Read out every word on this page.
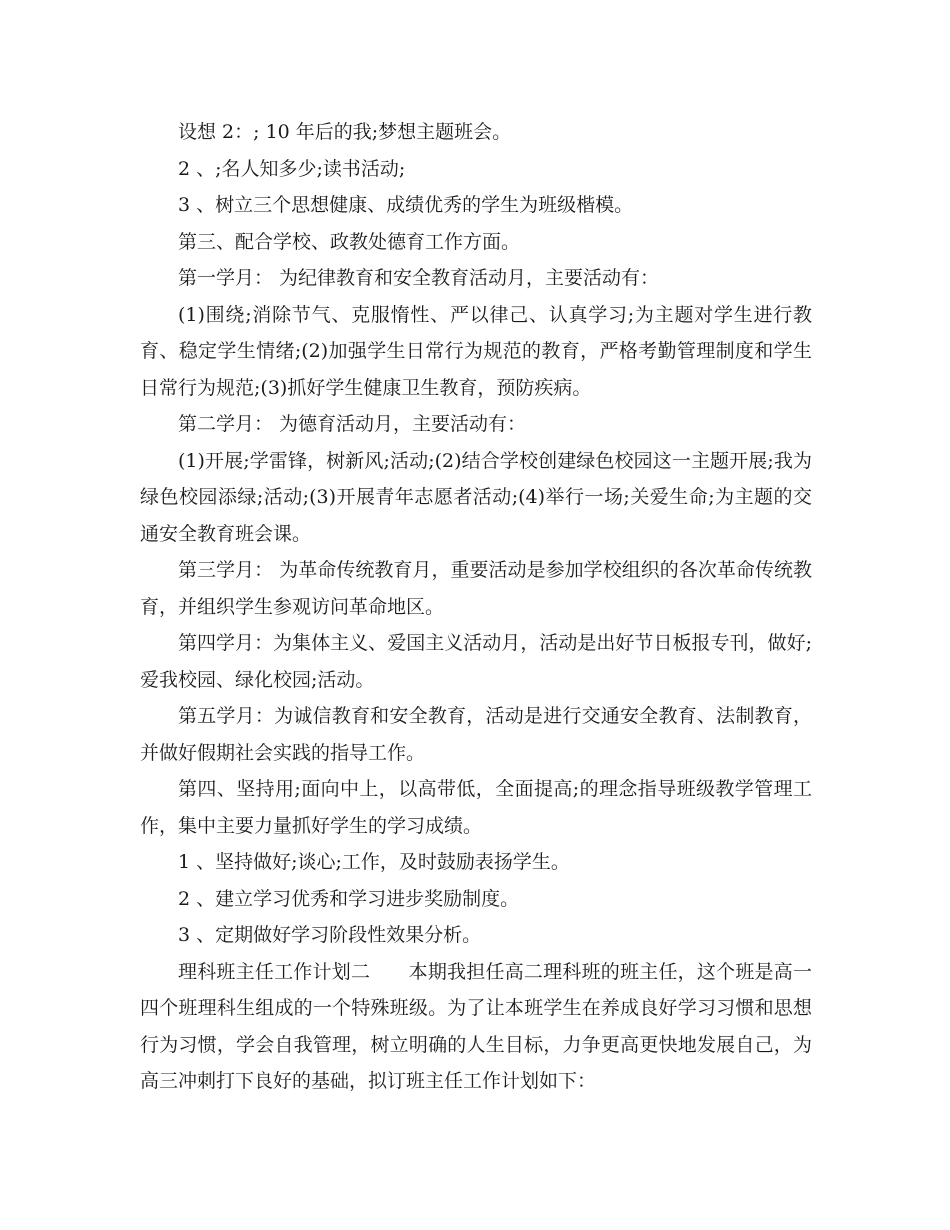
设想 2：; 10 年后的我;梦想主题班会。

2 、;名人知多少;读书活动;

3 、树立三个思想健康、成绩优秀的学生为班级楷模。

第三、配合学校、政教处德育工作方面。

第一学月： 为纪律教育和安全教育活动月，主要活动有：

(1)围绕;消除节气、克服惰性、严以律己、认真学习;为主题对学生进行教育、稳定学生情绪;(2)加强学生日常行为规范的教育，严格考勤管理制度和学生日常行为规范;(3)抓好学生健康卫生教育，预防疾病。

第二学月： 为德育活动月，主要活动有：

(1)开展;学雷锋，树新风;活动;(2)结合学校创建绿色校园这一主题开展;我为绿色校园添绿;活动;(3)开展青年志愿者活动;(4)举行一场;关爱生命;为主题的交通安全教育班会课。

第三学月： 为革命传统教育月，重要活动是参加学校组织的各次革命传统教育，并组织学生参观访问革命地区。

第四学月：为集体主义、爱国主义活动月，活动是出好节日板报专刊，做好;爱我校园、绿化校园;活动。

第五学月：为诚信教育和安全教育，活动是进行交通安全教育、法制教育，并做好假期社会实践的指导工作。

第四、坚持用;面向中上，以高带低，全面提高;的理念指导班级教学管理工作，集中主要力量抓好学生的学习成绩。

1 、坚持做好;谈心;工作，及时鼓励表扬学生。

2 、建立学习优秀和学习进步奖励制度。

3 、定期做好学习阶段性效果分析。

理科班主任工作计划二　　本期我担任高二理科班的班主任，这个班是高一四个班理科生组成的一个特殊班级。为了让本班学生在养成良好学习习惯和思想行为习惯，学会自我管理，树立明确的人生目标，力争更高更快地发展自己，为高三冲刺打下良好的基础，拟订班主任工作计划如下：
